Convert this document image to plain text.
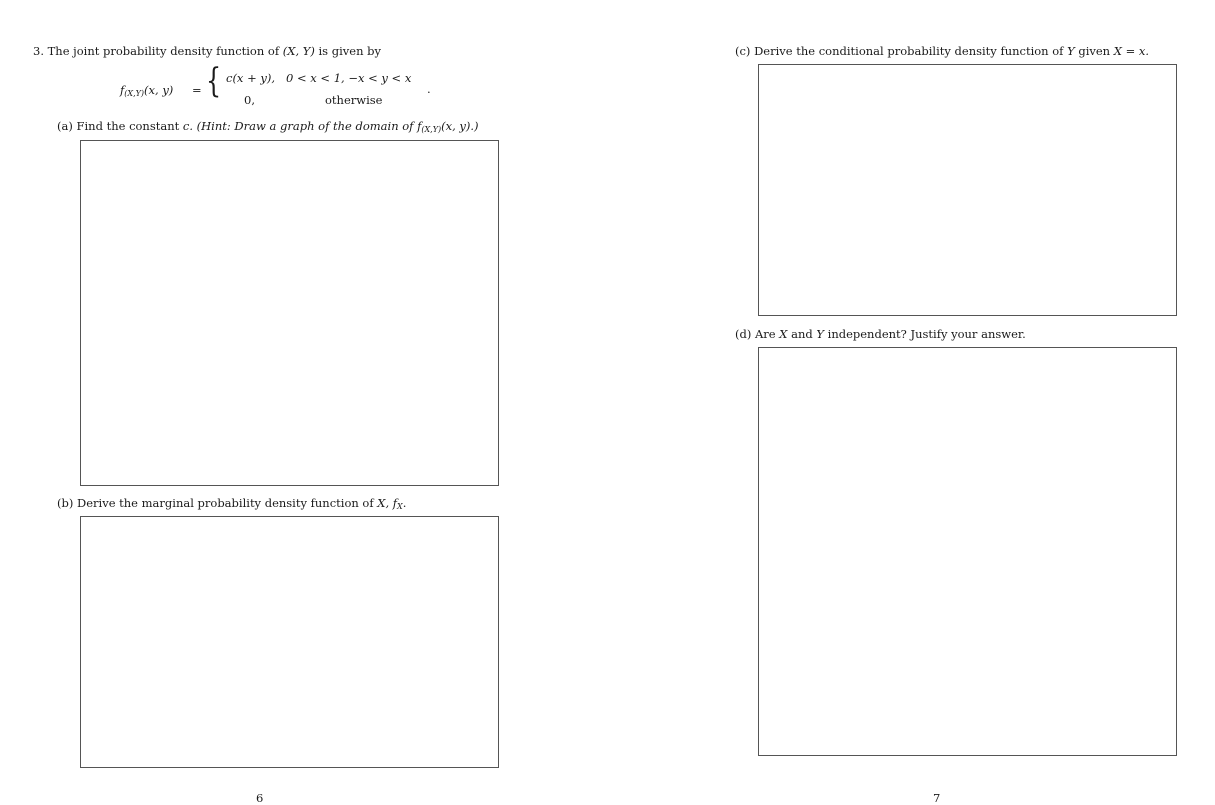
3. The joint probability density function of (X, Y) is given by
$f_{(X,Y)}(x$, y) = { c(x + y), 0 < x < 1, −x < y < x
0,	otherwise
.
(a) Find the constant c. (Hint: Draw a graph of the domain of $f_{(X,Y)}(x$, y).)
(b) Derive the marginal probability density function of X, $f_X$.
6
(c) Derive the conditional probability density function of Y given X = x.
(d) Are X and Y independent? Justify your answer.
7
